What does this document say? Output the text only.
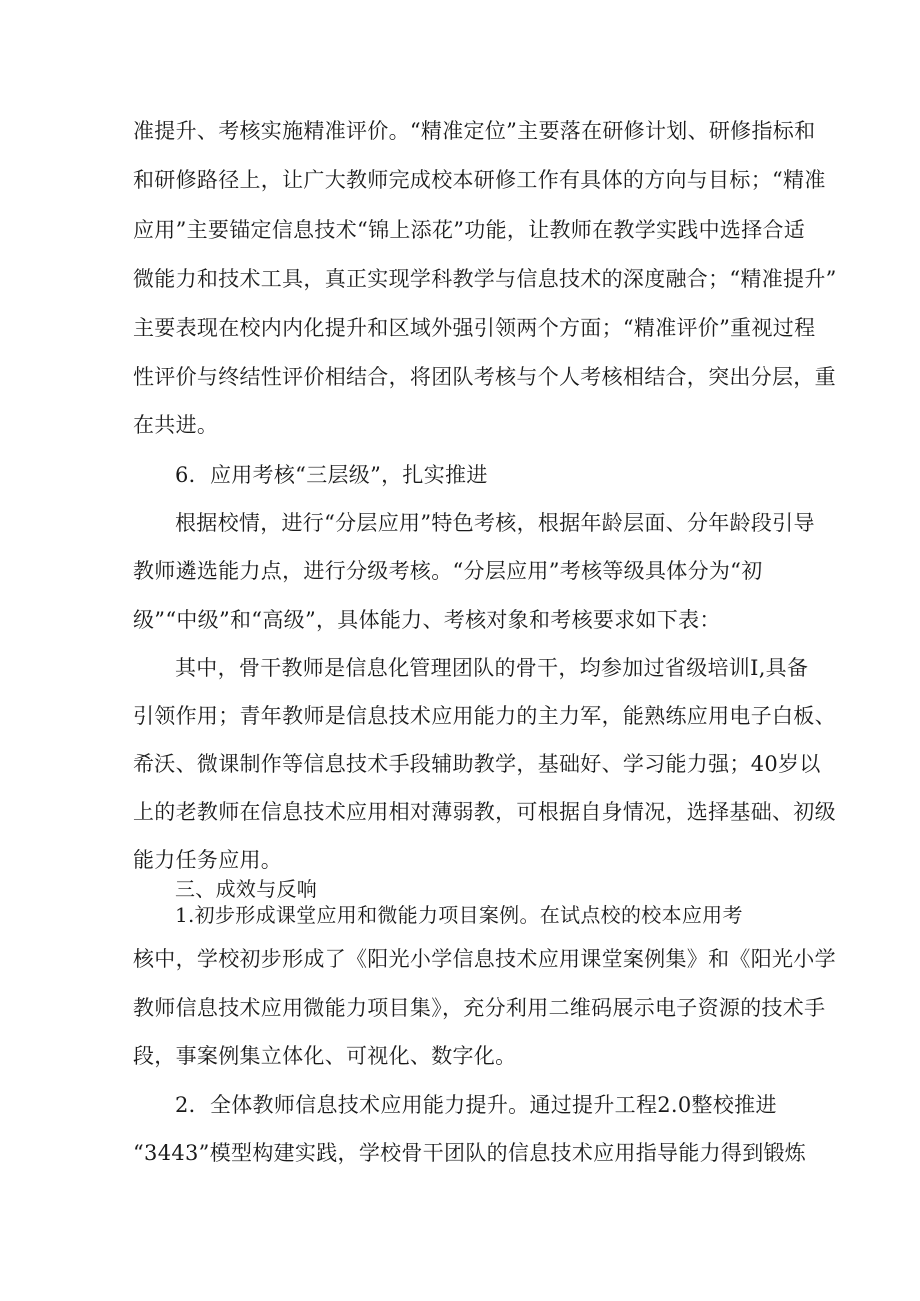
准提升、考核实施精准评价。“精准定位”主要落在研修计划、研修指标和
和研修路径上，让广大教师完成校本研修工作有具体的方向与目标；“精准
应用”主要锚定信息技术“锦上添花”功能，让教师在教学实践中选择合适
微能力和技术工具，真正实现学科教学与信息技术的深度融合；“精准提升”
主要表现在校内内化提升和区域外强引领两个方面；“精准评价”重视过程
性评价与终结性评价相结合，将团队考核与个人考核相结合，突出分层，重
在共进。
6．应用考核“三层级”，扎实推进
根据校情，进行“分层应用”特色考核，根据年龄层面、分年龄段引导
教师遴选能力点，进行分级考核。“分层应用”考核等级具体分为“初
级”“中级”和“高级”，具体能力、考核对象和考核要求如下表：
其中，骨干教师是信息化管理团队的骨干，均参加过省级培训I,具备
引领作用；青年教师是信息技术应用能力的主力军，能熟练应用电子白板、
希沃、微课制作等信息技术手段辅助教学，基础好、学习能力强；40岁以
上的老教师在信息技术应用相对薄弱教，可根据自身情况，选择基础、初级
能力任务应用。
三、成效与反响
1.初步形成课堂应用和微能力项目案例。在试点校的校本应用考
核中，学校初步形成了《阳光小学信息技术应用课堂案例集》和《阳光小学
教师信息技术应用微能力项目集》，充分利用二维码展示电子资源的技术手
段，事案例集立体化、可视化、数字化。
2．全体教师信息技术应用能力提升。通过提升工程2.0整校推进
“3443”模型构建实践，学校骨干团队的信息技术应用指导能力得到锻炼
